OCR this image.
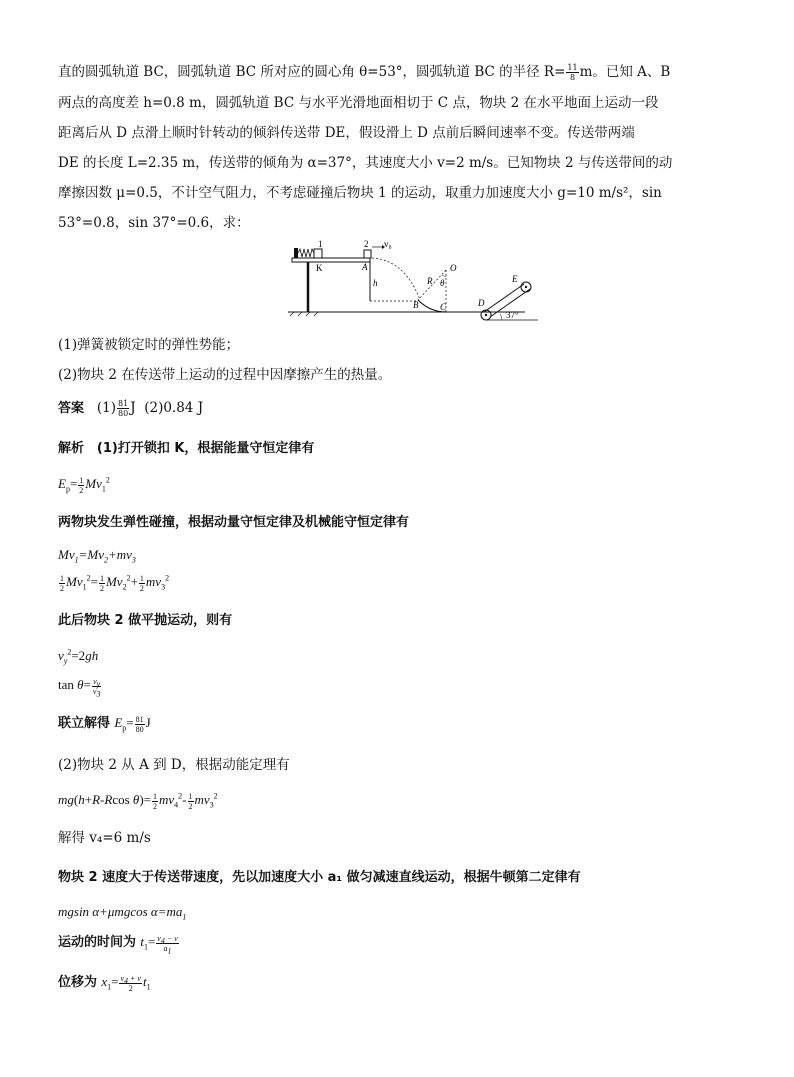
直的圆弧轨道 BC，圆弧轨道 BC 所对应的圆心角 θ=53°，圆弧轨道 BC 的半径 $R= \frac{11}{8}$ m。已知 A、B
两点的高度差 h=0.8 m，圆弧轨道 BC 与水平光滑地面相切于 C 点，物块 2 在水平地面上运动一段
距离后从 D 点滑上顺时针转动的倾斜传送带 DE，假设滑上 D 点前后瞬间速率不变。传送带两端
DE 的长度 L=2.35 m，传送带的倾角为 α=37°，其速度大小 v=2 m/s。已知物块 2 与传送带间的动
摩擦因数 μ=0.5，不计空气阻力，不考虑碰撞后物块 1 的运动，取重力加速度大小 g=10 m/s²，sin
53°=0.8，sin 37°=0.6，求：
1
K
2 v₀
A
h	R
O
θ
B C	D
E
37°
(1)弹簧被锁定时的弹性势能；
(2)物块 2 在传送带上运动的过程中因摩擦产生的热量。
答案 $(1) \frac{81}{80}$ J (2)0.84 J
解析 (1)打开锁扣 K，根据能量守恒定律有
$E_p= \frac{1}{2} Mv_1^2$
两物块发生弹性碰撞，根据动量守恒定律及机械能守恒定律有
$Mv_1=Mv_2+mv_3$
$\frac{1}{2} Mv_1^2= \frac{1}{2} Mv_2^2+ \frac{1}{2} mv_3^2$
此后物块 2 做平抛运动，则有
$v_y^2=2gh$
$\tan \theta= \frac{v_y}{v_3}$
联立解得 $E_p= \frac{81}{80}$ J
(2)物块 2 从 A 到 D，根据动能定理有
mg(h+R-Rcos $\theta)= \frac{1}{2} mv_4^2- \frac{1}{2} mv_3^2$
解得 v₄=6 m/s
物块 2 速度大于传送带速度，先以加速度大小 a₁ 做匀减速直线运动，根据牛顿第二定律有
mgsin α+μmgcos $\alpha=ma_1$
运动的时间为 $t_1= \frac{v_4 - v}{a_1}$
位移为 $x_1= \frac{v_4 + v}{2} t_1$
